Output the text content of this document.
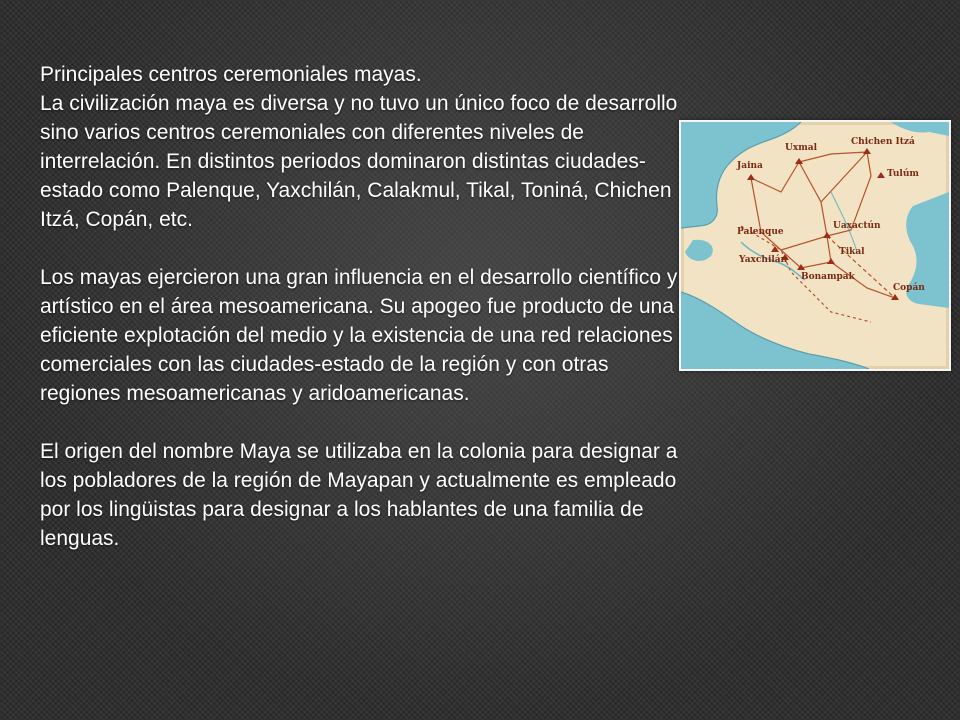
Principales centros ceremoniales mayas.

La civilización maya es diversa y no tuvo un único foco de desarrollo sino varios centros ceremoniales con diferentes niveles de interrelación. En distintos periodos dominaron distintas ciudades-estado como Palenque, Yaxchilán, Calakmul, Tikal, Toniná, Chichen Itzá, Copán, etc.

Los mayas ejercieron una gran influencia en el desarrollo científico y artístico en el área mesoamericana. Su apogeo fue producto de una eficiente explotación del medio y la existencia de una red relaciones comerciales con las ciudades-estado de la región y con otras regiones mesoamericanas y aridoamericanas.

El origen del nombre Maya se utilizaba en la colonia para designar a los pobladores de la región de Mayapan y actualmente es empleado por los lingüistas para designar a los hablantes de una familia de lenguas.

Uxmal
Chichen Itzá
Jaina
Tulúm
Palenque
Uaxactún
Yaxchilán
Tikal
Bonampak
Copán
